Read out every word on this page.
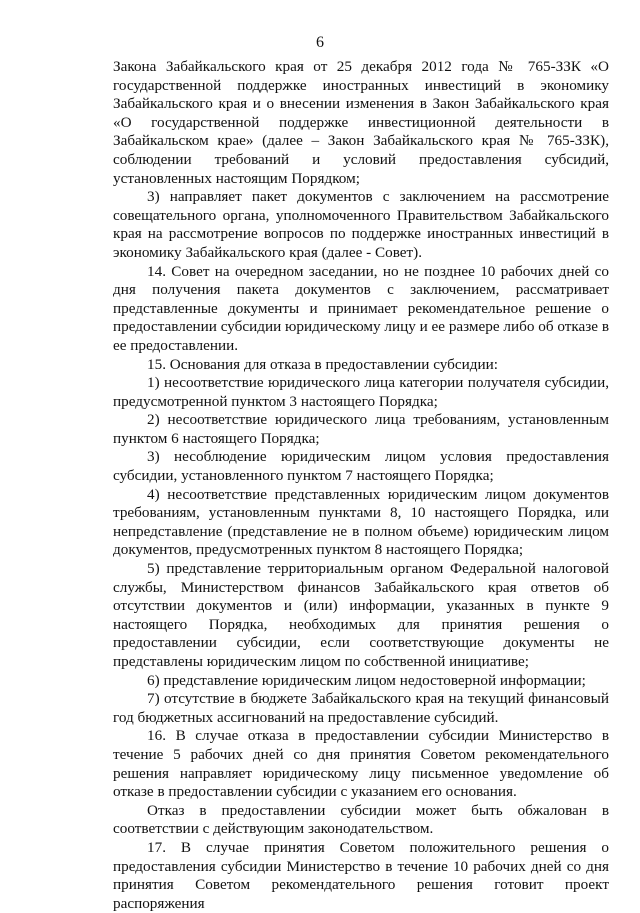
6

Закона Забайкальского края от 25 декабря 2012 года № 765-ЗЗК «О государственной поддержке иностранных инвестиций в экономику Забайкальского края и о внесении изменения в Закон Забайкальского края «О государственной поддержке инвестиционной деятельности в Забайкальском крае» (далее – Закон Забайкальского края № 765-ЗЗК), соблюдении требований и условий предоставления субсидий, установленных настоящим Порядком;

3) направляет пакет документов с заключением на рассмотрение совещательного органа, уполномоченного Правительством Забайкальского края на рассмотрение вопросов по поддержке иностранных инвестиций в экономику Забайкальского края (далее - Совет).

14. Совет на очередном заседании, но не позднее 10 рабочих дней со дня получения пакета документов с заключением, рассматривает представленные документы и принимает рекомендательное решение о предоставлении субсидии юридическому лицу и ее размере либо об отказе в ее предоставлении.

15. Основания для отказа в предоставлении субсидии:

1) несоответствие юридического лица категории получателя субсидии, предусмотренной пунктом 3 настоящего Порядка;

2) несоответствие юридического лица требованиям, установленным пунктом 6 настоящего Порядка;

3) несоблюдение юридическим лицом условия предоставления субсидии, установленного пунктом 7 настоящего Порядка;

4) несоответствие представленных юридическим лицом документов требованиям, установленным пунктами 8, 10 настоящего Порядка, или непредставление (представление не в полном объеме) юридическим лицом документов, предусмотренных пунктом 8 настоящего Порядка;

5) представление территориальным органом Федеральной налоговой службы, Министерством финансов Забайкальского края ответов об отсутствии документов и (или) информации, указанных в пункте 9 настоящего Порядка, необходимых для принятия решения о предоставлении субсидии, если соответствующие документы не представлены юридическим лицом по собственной инициативе;

6) представление юридическим лицом недостоверной информации;

7) отсутствие в бюджете Забайкальского края на текущий финансовый год бюджетных ассигнований на предоставление субсидий.

16. В случае отказа в предоставлении субсидии Министерство в течение 5 рабочих дней со дня принятия Советом рекомендательного решения направляет юридическому лицу письменное уведомление об отказе в предоставлении субсидии с указанием его основания.

Отказ в предоставлении субсидии может быть обжалован в соответствии с действующим законодательством.

17. В случае принятия Советом положительного решения о предоставления субсидии Министерство в течение 10 рабочих дней со дня принятия Советом рекомендательного решения готовит проект распоряжения
